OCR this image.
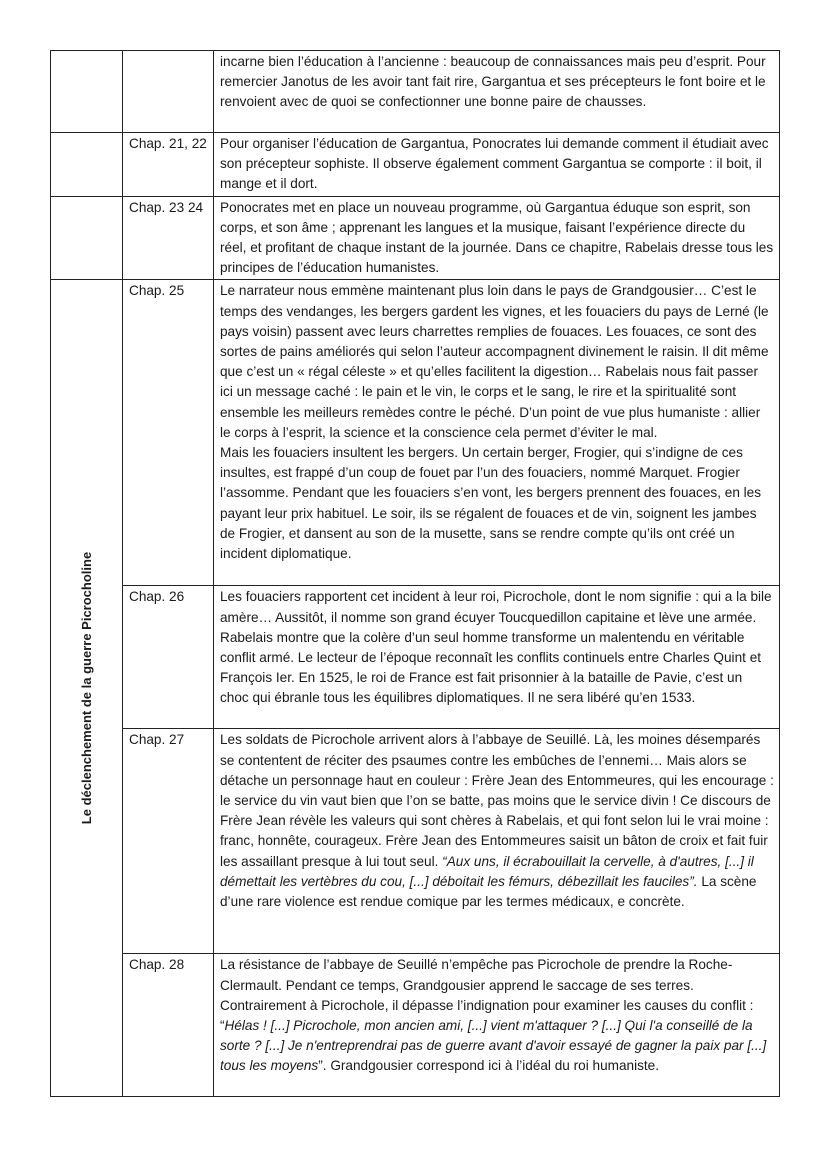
		incarne bien l’éducation à l’ancienne : beaucoup de connaissances mais peu d’esprit. Pour remercier Janotus de les avoir tant fait rire, Gargantua et ses précepteurs le font boire et le renvoient avec de quoi se confectionner une bonne paire de chausses.
	Chap. 21, 22	Pour organiser l’éducation de Gargantua, Ponocrates lui demande comment il étudiait avec son précepteur sophiste. Il observe également comment Gargantua se comporte : il boit, il mange et il dort.
	Chap. 23 24	Ponocrates met en place un nouveau programme, où Gargantua éduque son esprit, son corps, et son âme ; apprenant les langues et la musique, faisant l’expérience directe du réel, et profitant de chaque instant de la journée. Dans ce chapitre, Rabelais dresse tous les principes de l’éducation humanistes.

Le déclenchement de la guerre Picrocholine	Chap. 25	Le narrateur nous emmène maintenant plus loin dans le pays de Grandgousier… C’est le temps des vendanges, les bergers gardent les vignes, et les fouaciers du pays de Lerné (le pays voisin) passent avec leurs charrettes remplies de fouaces. Les fouaces, ce sont des sortes de pains améliorés qui selon l’auteur accompagnent divinement le raisin. Il dit même que c’est un « régal céleste » et qu’elles facilitent la digestion… Rabelais nous fait passer ici un message caché : le pain et le vin, le corps et le sang, le rire et la spiritualité sont ensemble les meilleurs remèdes contre le péché. D’un point de vue plus humaniste : allier le corps à l’esprit, la science et la conscience cela permet d’éviter le mal.
Mais les fouaciers insultent les bergers. Un certain berger, Frogier, qui s’indigne de ces insultes, est frappé d’un coup de fouet par l’un des fouaciers, nommé Marquet. Frogier l’assomme. Pendant que les fouaciers s’en vont, les bergers prennent des fouaces, en les payant leur prix habituel. Le soir, ils se régalent de fouaces et de vin, soignent les jambes de Frogier, et dansent au son de la musette, sans se rendre compte qu’ils ont créé un incident diplomatique.

	Chap. 26	Les fouaciers rapportent cet incident à leur roi, Picrochole, dont le nom signifie : qui a la bile amère… Aussitôt, il nomme son grand écuyer Toucquedillon capitaine et lève une armée. Rabelais montre que la colère d’un seul homme transforme un malentendu en véritable conflit armé. Le lecteur de l’époque reconnaît les conflits continuels entre Charles Quint et François Ier. En 1525, le roi de France est fait prisonnier à la bataille de Pavie, c’est un choc qui ébranle tous les équilibres diplomatiques. Il ne sera libéré qu’en 1533.
	Chap. 27	Les soldats de Picrochole arrivent alors à l’abbaye de Seuillé. Là, les moines désemparés se contentent de réciter des psaumes contre les embûches de l’ennemi… Mais alors se détache un personnage haut en couleur : Frère Jean des Entommeures, qui les encourage : le service du vin vaut bien que l’on se batte, pas moins que le service divin ! Ce discours de Frère Jean révèle les valeurs qui sont chères à Rabelais, et qui font selon lui le vrai moine : franc, honnête, courageux. Frère Jean des Entommeures saisit un bâton de croix et fait fuir les assaillant presque à lui tout seul. “Aux uns, il écrabouillait la cervelle, à d'autres, [...] il démettait les vertèbres du cou, [...] déboitait les fémurs, débezillait les fauciles”. La scène d’une rare violence est rendue comique par les termes médicaux, e concrète.
	Chap. 28	La résistance de l’abbaye de Seuillé n’empêche pas Picrochole de prendre la Roche-Clermault. Pendant ce temps, Grandgousier apprend le saccage de ses terres. Contrairement à Picrochole, il dépasse l’indignation pour examiner les causes du conflit : “Hélas ! [...] Picrochole, mon ancien ami, [...] vient m'attaquer ? [...] Qui l'a conseillé de la sorte ? [...] Je n'entreprendrai pas de guerre avant d'avoir essayé de gagner la paix par [...] tous les moyens”. Grandgousier correspond ici à l’idéal du roi humaniste.
